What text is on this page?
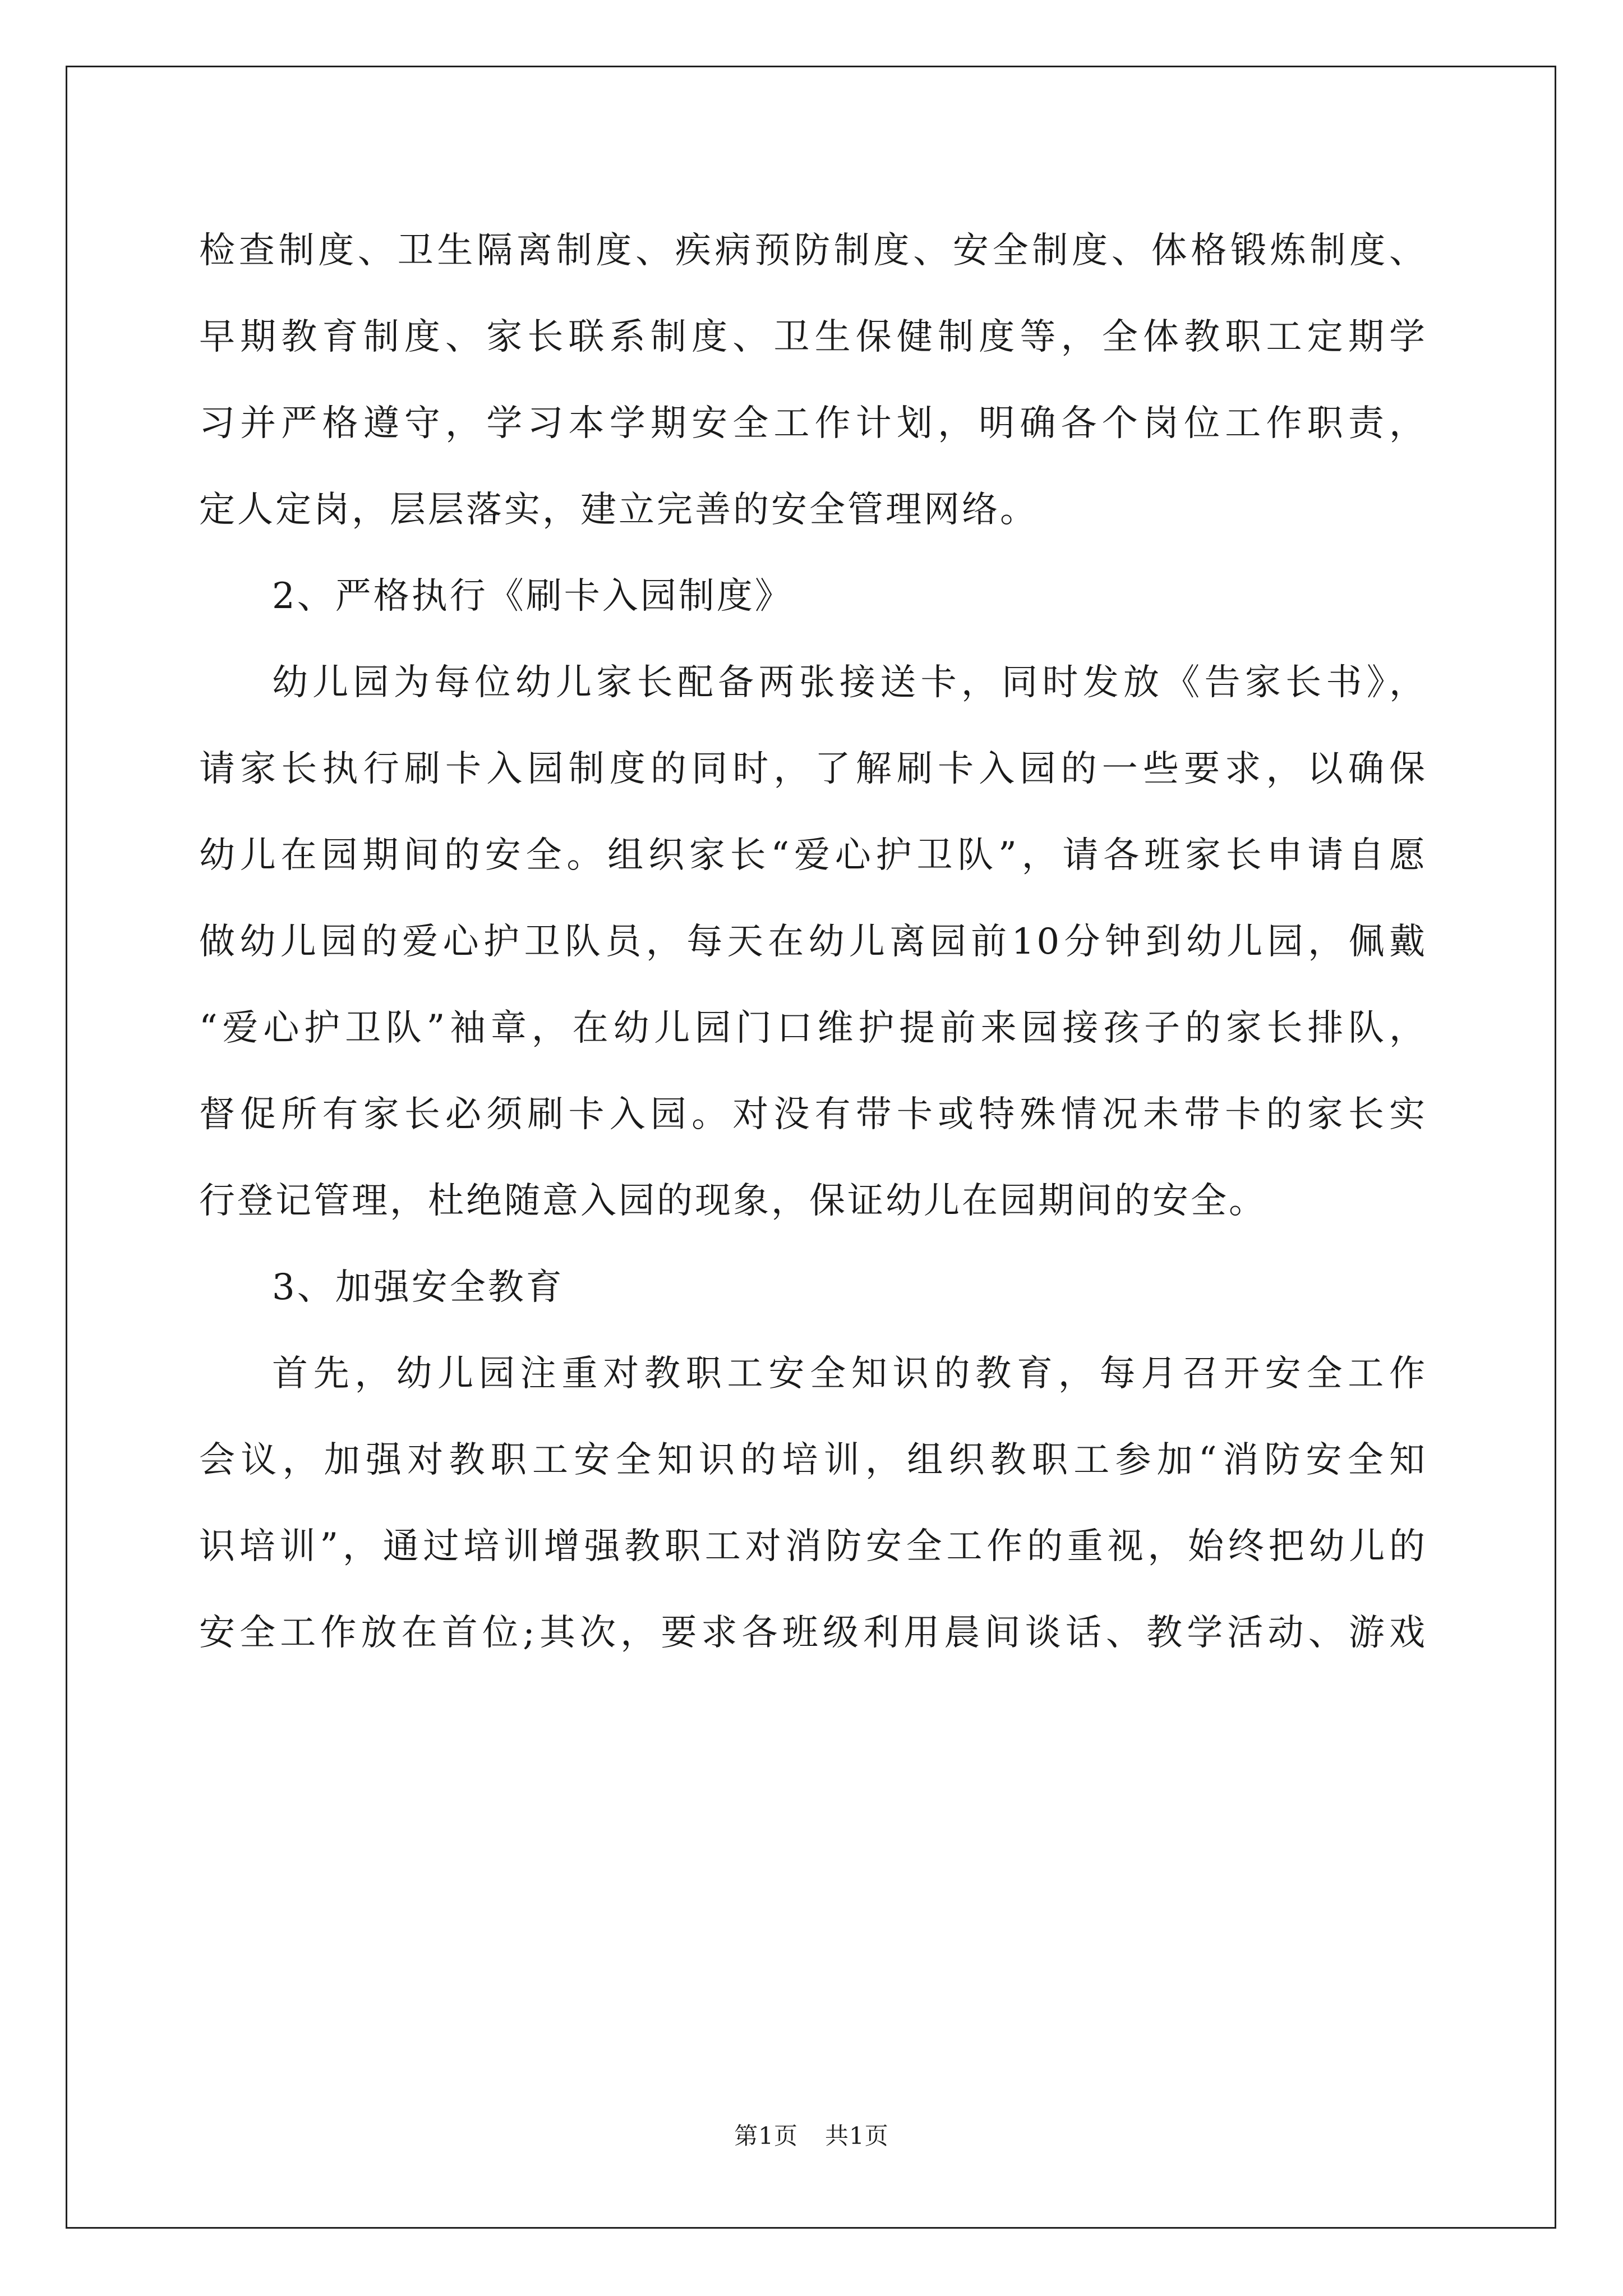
检查制度、卫生隔离制度、疾病预防制度、安全制度、体格锻炼制度、
早期教育制度、家长联系制度、卫生保健制度等，全体教职工定期学
习并严格遵守，学习本学期安全工作计划，明确各个岗位工作职责，
定人定岗，层层落实，建立完善的安全管理网络。
2、严格执行《刷卡入园制度》
幼儿园为每位幼儿家长配备两张接送卡，同时发放《告家长书》，
请家长执行刷卡入园制度的同时，了解刷卡入园的一些要求，以确保
幼儿在园期间的安全。组织家长“爱心护卫队”，请各班家长申请自愿
做幼儿园的爱心护卫队员，每天在幼儿离园前10分钟到幼儿园，佩戴
“爱心护卫队”袖章，在幼儿园门口维护提前来园接孩子的家长排队，
督促所有家长必须刷卡入园。对没有带卡或特殊情况未带卡的家长实
行登记管理，杜绝随意入园的现象，保证幼儿在园期间的安全。
3、加强安全教育
首先，幼儿园注重对教职工安全知识的教育，每月召开安全工作
会议，加强对教职工安全知识的培训，组织教职工参加“消防安全知
识培训”，通过培训增强教职工对消防安全工作的重视，始终把幼儿的
安全工作放在首位;其次，要求各班级利用晨间谈话、教学活动、游戏
第1页 共1页
